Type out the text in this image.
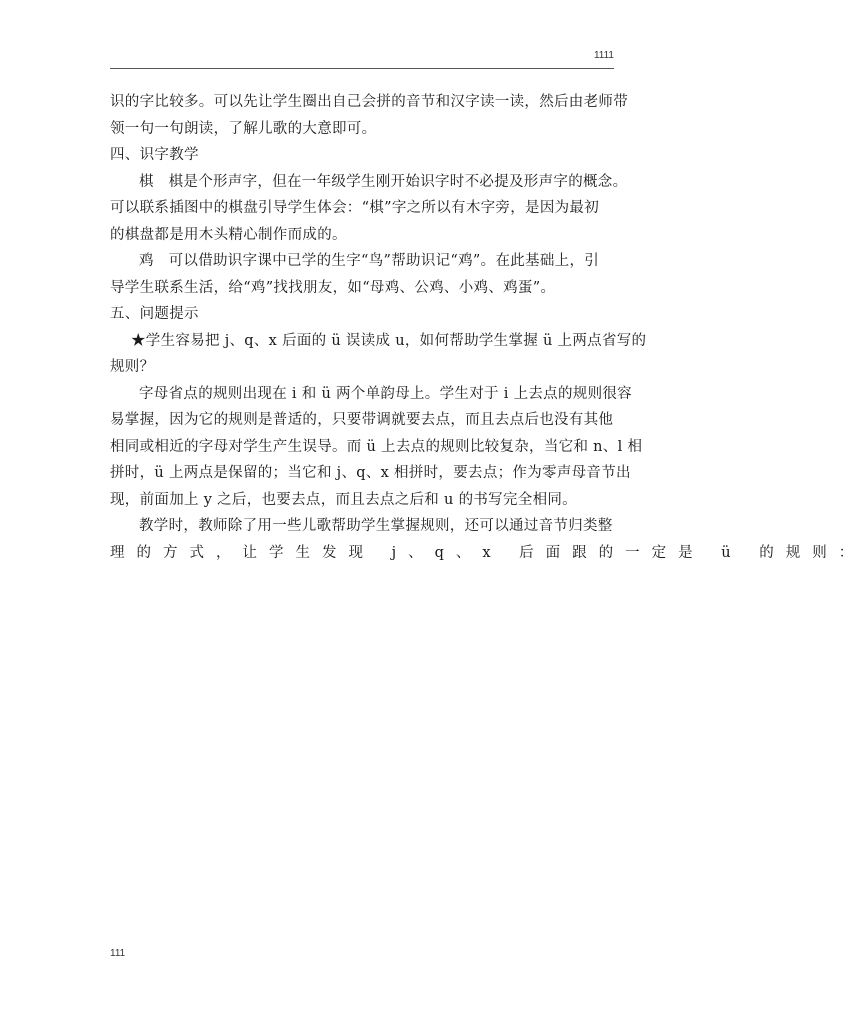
1111
识的字比较多。可以先让学生圈出自己会拼的音节和汉字读一读，然后由老师带
领一句一句朗读，了解儿歌的大意即可。
四、识字教学
棋　棋是个形声字，但在一年级学生刚开始识字时不必提及形声字的概念。
可以联系插图中的棋盘引导学生体会：“棋”字之所以有木字旁，是因为最初
的棋盘都是用木头精心制作而成的。
鸡　可以借助识字课中已学的生字“鸟”帮助识记“鸡”。在此基础上，引
导学生联系生活，给“鸡”找找朋友，如“母鸡、公鸡、小鸡、鸡蛋”。
五、问题提示
★学生容易把 j、q、x 后面的 ü 误读成 u，如何帮助学生掌握 ü 上两点省写的
规则？
字母省点的规则出现在 i 和 ü 两个单韵母上。学生对于 i 上去点的规则很容
易掌握，因为它的规则是普适的，只要带调就要去点，而且去点后也没有其他
相同或相近的字母对学生产生误导。而 ü 上去点的规则比较复杂，当它和 n、l 相
拼时，ü 上两点是保留的；当它和 j、q、x 相拼时，要去点；作为零声母音节出
现，前面加上 y 之后，也要去点，而且去点之后和 u 的书写完全相同。
教学时，教师除了用一些儿歌帮助学生掌握规则，还可以通过音节归类整
理的方式，让学生发现 j、q、x 后面跟的一定是 ü 的规则：
111
